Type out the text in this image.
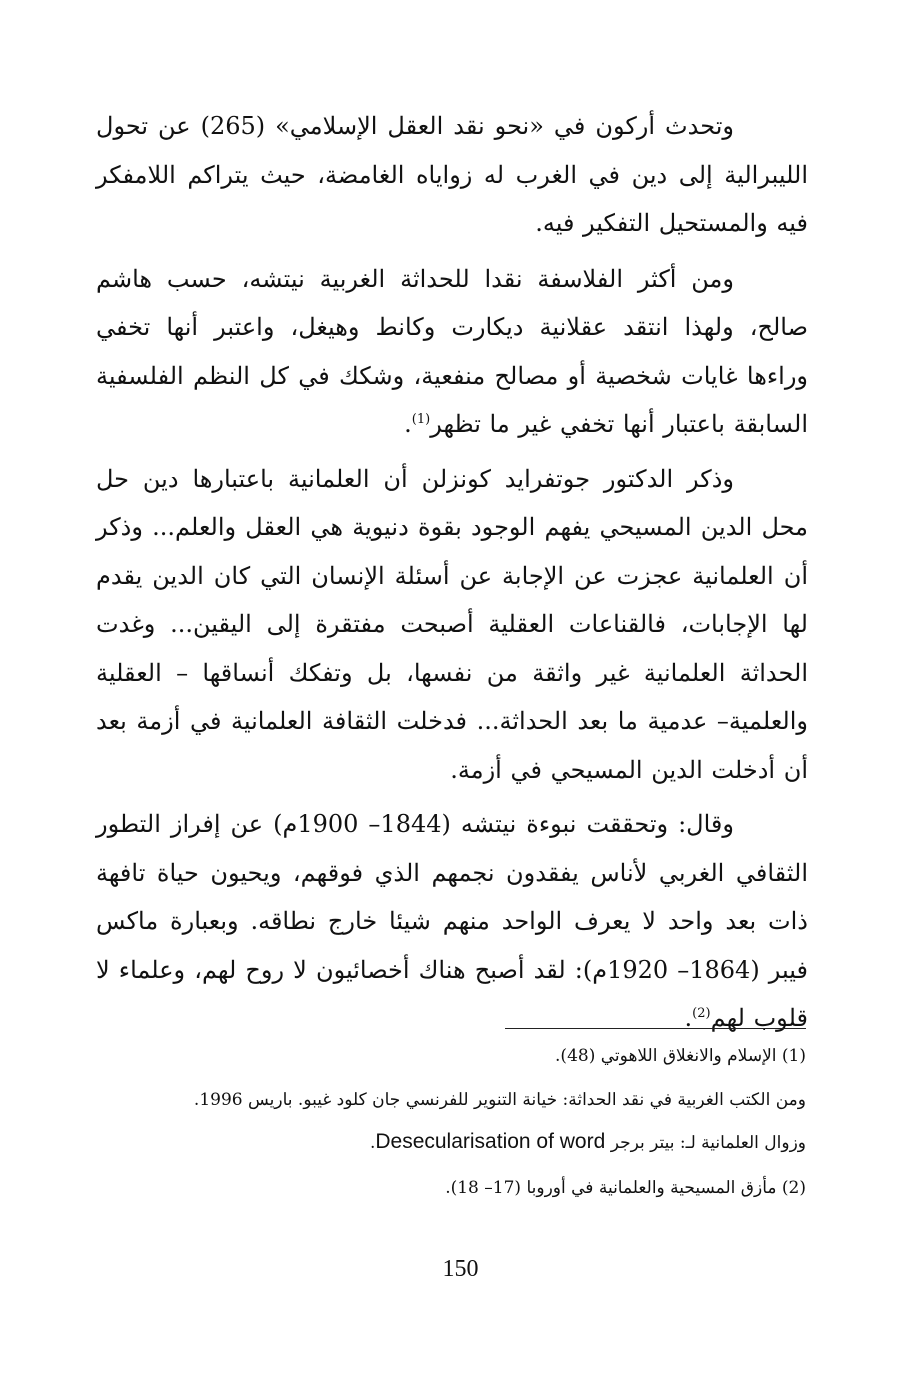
وتحدث أركون في «نحو نقد العقل الإسلامي» (265) عن تحول الليبرالية إلى دين في الغرب له زواياه الغامضة، حيث يتراكم اللامفكر فيه والمستحيل التفكير فيه.

ومن أكثر الفلاسفة نقدا للحداثة الغربية نيتشه، حسب هاشم صالح، ولهذا انتقد عقلانية ديكارت وكانط وهيغل، واعتبر أنها تخفي وراءها غايات شخصية أو مصالح منفعية، وشكك في كل النظم الفلسفية السابقة باعتبار أنها تخفي غير ما تظهر$^{(1)}$.

وذكر الدكتور جوتفرايد كونزلن أن العلمانية باعتبارها دين حل محل الدين المسيحي يفهم الوجود بقوة دنيوية هي العقل والعلم... وذكر أن العلمانية عجزت عن الإجابة عن أسئلة الإنسان التي كان الدين يقدم لها الإجابات، فالقناعات العقلية أصبحت مفتقرة إلى اليقين... وغدت الحداثة العلمانية غير واثقة من نفسها، بل وتفكك أنساقها – العقلية والعلمية– عدمية ما بعد الحداثة... فدخلت الثقافة العلمانية في أزمة بعد أن أدخلت الدين المسيحي في أزمة.

وقال: وتحققت نبوءة نيتشه (1844– 1900م) عن إفراز التطور الثقافي الغربي لأناس يفقدون نجمهم الذي فوقهم، ويحيون حياة تافهة ذات بعد واحد لا يعرف الواحد منهم شيئا خارج نطاقه. وبعبارة ماكس فيبر (1864– 1920م): لقد أصبح هناك أخصائيون لا روح لهم، وعلماء لا قلوب لهم$^{(2)}$.

(1) الإسلام والانغلاق اللاهوتي (48).
ومن الكتب الغربية في نقد الحداثة: خيانة التنوير للفرنسي جان كلود غيبو. باريس 1996.
وزوال العلمانية لـ: بيتر برجر Desecularisation of word.
(2) مأزق المسيحية والعلمانية في أوروبا (17– 18).
150
